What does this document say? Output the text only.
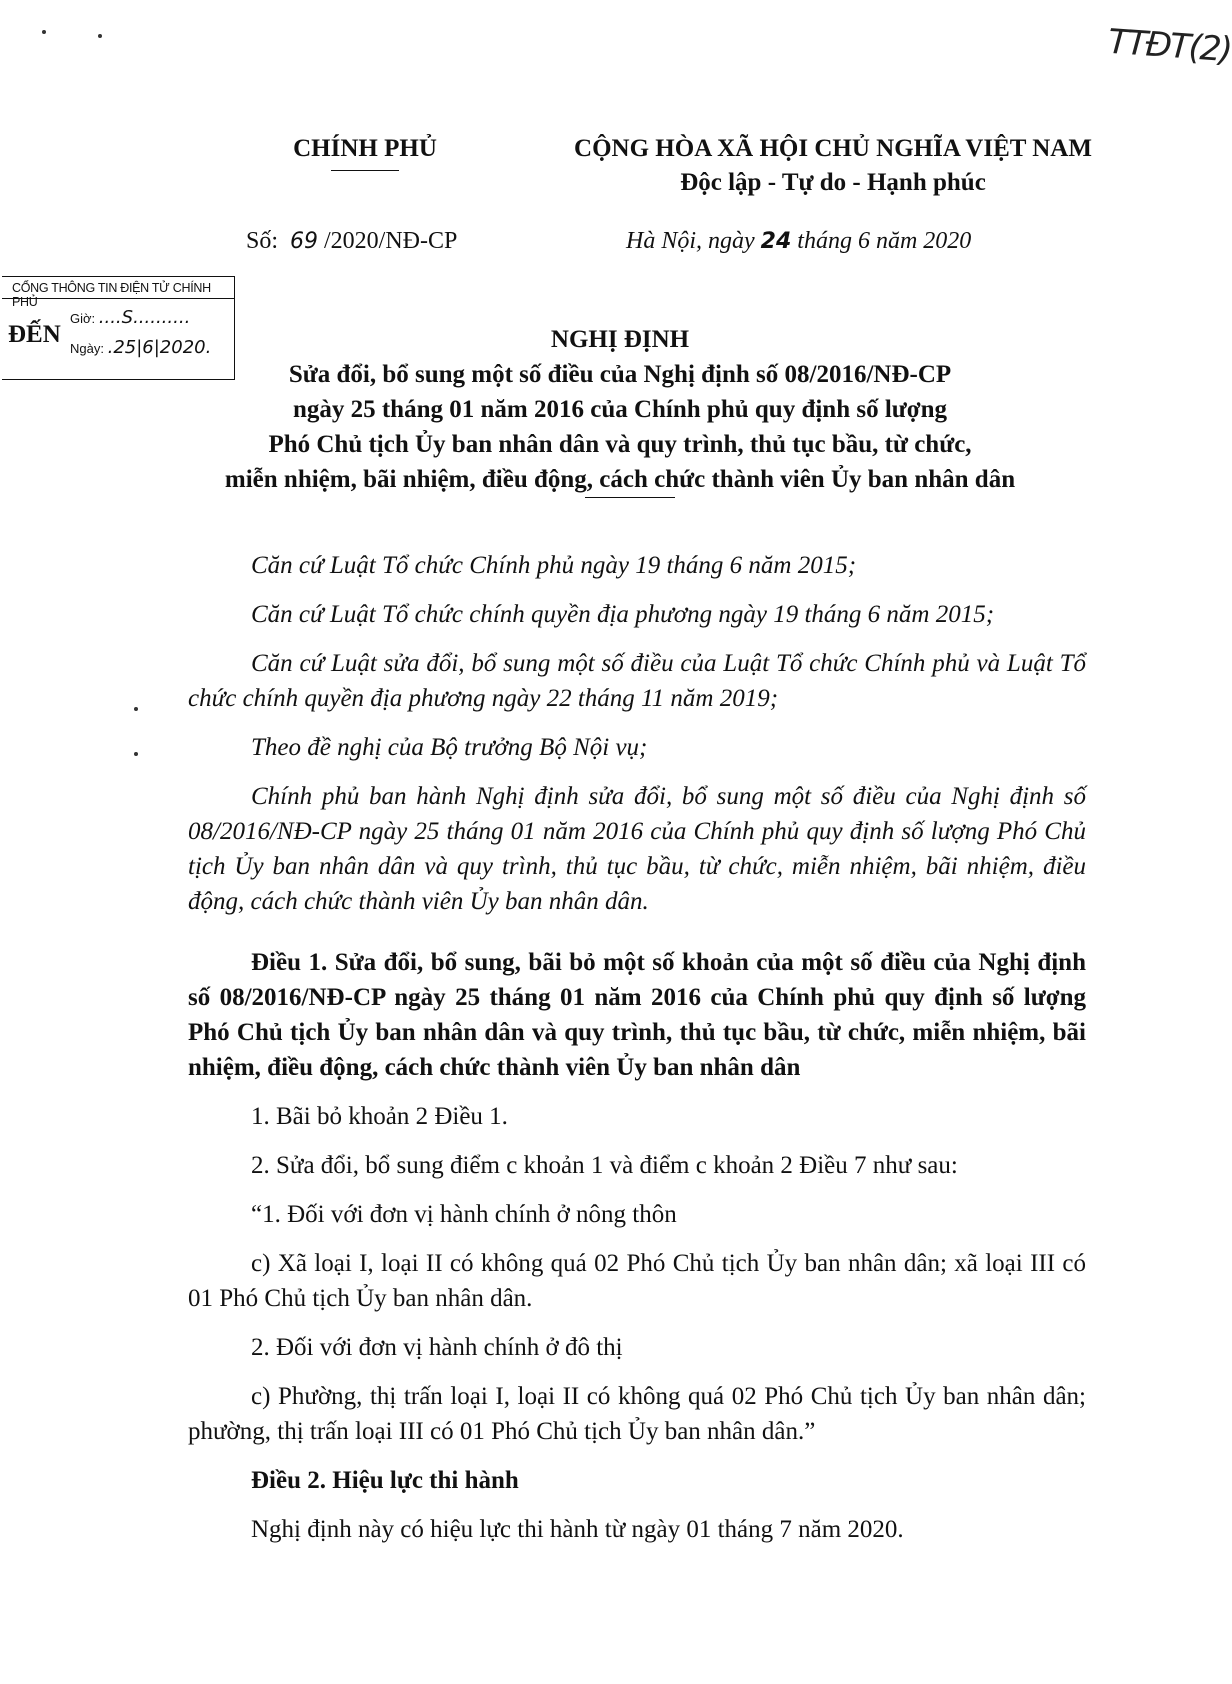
TTĐT(2)
CHÍNH PHỦ	CỘNG HÒA XÃ HỘI CHỦ NGHĨA VIỆT NAM
Độc lập - Tự do - Hạnh phúc
Số: 69 /2020/NĐ-CP	Hà Nội, ngày 24 tháng 6 năm 2020
CỔNG THÔNG TIN ĐIỆN TỬ CHÍNH PHỦ
ĐẾN
Giờ: ....S..........
Ngày: .25|6|2020.	NGHỊ ĐỊNH
Sửa đổi, bổ sung một số điều của Nghị định số 08/2016/NĐ-CP
ngày 25 tháng 01 năm 2016 của Chính phủ quy định số lượng
Phó Chủ tịch Ủy ban nhân dân và quy trình, thủ tục bầu, từ chức,
miễn nhiệm, bãi nhiệm, điều động, cách chức thành viên Ủy ban nhân dân

Căn cứ Luật Tổ chức Chính phủ ngày 19 tháng 6 năm 2015;

Căn cứ Luật Tổ chức chính quyền địa phương ngày 19 tháng 6 năm 2015;

Căn cứ Luật sửa đổi, bổ sung một số điều của Luật Tổ chức Chính phủ và Luật Tổ chức chính quyền địa phương ngày 22 tháng 11 năm 2019;

Theo đề nghị của Bộ trưởng Bộ Nội vụ;

Chính phủ ban hành Nghị định sửa đổi, bổ sung một số điều của Nghị định số 08/2016/NĐ-CP ngày 25 tháng 01 năm 2016 của Chính phủ quy định số lượng Phó Chủ tịch Ủy ban nhân dân và quy trình, thủ tục bầu, từ chức, miễn nhiệm, bãi nhiệm, điều động, cách chức thành viên Ủy ban nhân dân.

Điều 1. Sửa đổi, bổ sung, bãi bỏ một số khoản của một số điều của Nghị định số 08/2016/NĐ-CP ngày 25 tháng 01 năm 2016 của Chính phủ quy định số lượng Phó Chủ tịch Ủy ban nhân dân và quy trình, thủ tục bầu, từ chức, miễn nhiệm, bãi nhiệm, điều động, cách chức thành viên Ủy ban nhân dân

1. Bãi bỏ khoản 2 Điều 1.

2. Sửa đổi, bổ sung điểm c khoản 1 và điểm c khoản 2 Điều 7 như sau:

“1. Đối với đơn vị hành chính ở nông thôn

c) Xã loại I, loại II có không quá 02 Phó Chủ tịch Ủy ban nhân dân; xã loại III có 01 Phó Chủ tịch Ủy ban nhân dân.

2. Đối với đơn vị hành chính ở đô thị

c) Phường, thị trấn loại I, loại II có không quá 02 Phó Chủ tịch Ủy ban nhân dân; phường, thị trấn loại III có 01 Phó Chủ tịch Ủy ban nhân dân.”

Điều 2. Hiệu lực thi hành

Nghị định này có hiệu lực thi hành từ ngày 01 tháng 7 năm 2020.
